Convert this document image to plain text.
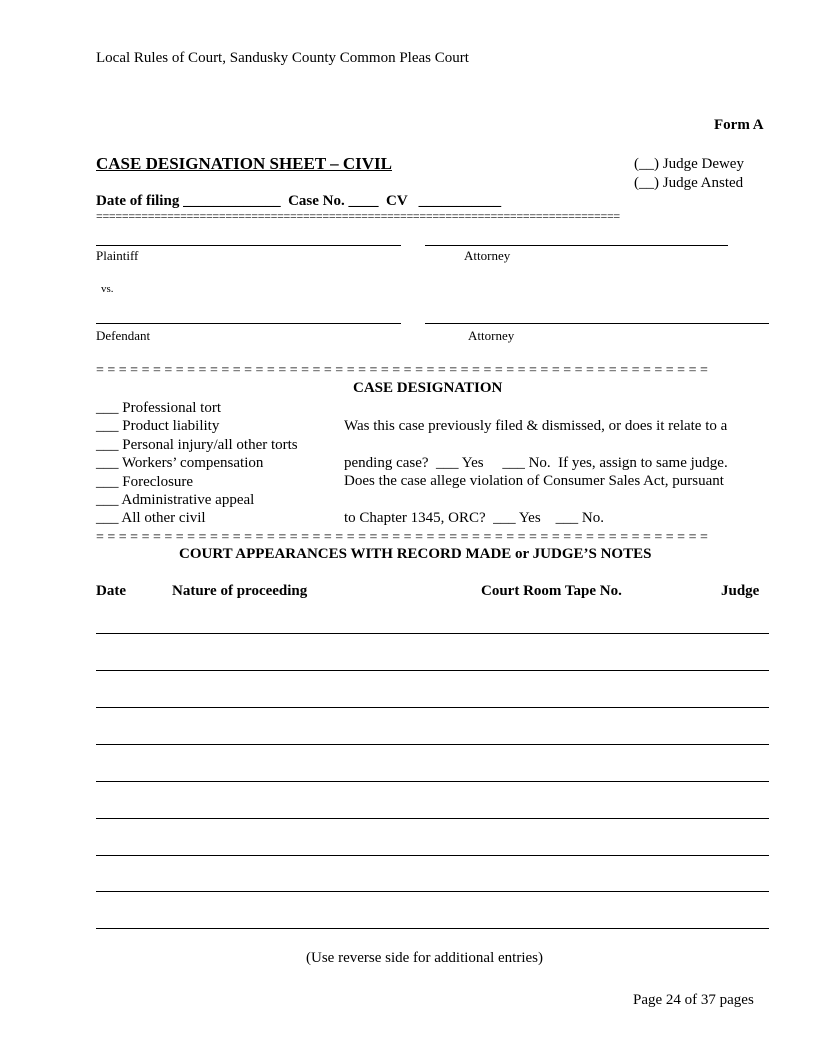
Local Rules of Court, Sandusky County Common Pleas Court
Form A
CASE DESIGNATION SHEET – CIVIL	(__) Judge Dewey
(__) Judge Ansted
Date of filing _____________  Case No. ____  CV   ___________
=================================================================================
Plaintiff	Attorney
vs.
Defendant	Attorney
= = = = = = = = = = = = = = = = = = = = = = = = = = = = = = = = = = = = = = = = = = = = = = = = = = = = = =
CASE DESIGNATION
___ Professional tort
___ Product liability
___ Personal injury/all other torts
___ Workers’ compensation
___ Foreclosure
___ Administrative appeal
___ All other civil

Was this case previously filed & dismissed, or does it relate to a

pending case?  ___ Yes     ___ No.  If yes, assign to same judge.

Does the case allege violation of Consumer Sales Act, pursuant

to Chapter 1345, ORC?  ___ Yes    ___ No.

= = = = = = = = = = = = = = = = = = = = = = = = = = = = = = = = = = = = = = = = = = = = = = = = = = = = = =
COURT APPEARANCES WITH RECORD MADE or JUDGE’S NOTES
Date	Nature of proceeding	Court Room Tape No.	Judge
(Use reverse side for additional entries)
Page 24 of 37 pages
